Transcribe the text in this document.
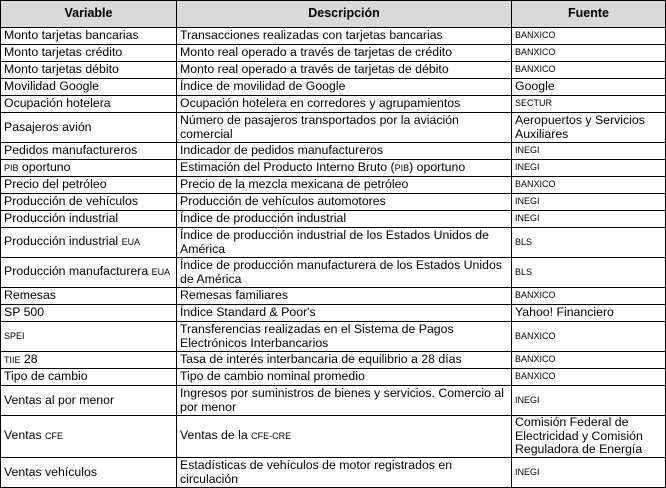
Variable	Descripción	Fuente
Monto tarjetas bancarias	Transacciones realizadas con tarjetas bancarias	BANXICO
Monto tarjetas crédito	Monto real operado a través de tarjetas de crédito	BANXICO
Monto tarjetas débito	Monto real operado a través de tarjetas de débito	BANXICO
Movilidad Google	Índice de movilidad de Google	Google
Ocupación hotelera	Ocupación hotelera en corredores y agrupamientos	SECTUR
Pasajeros avión	Número de pasajeros transportados por la aviación comercial	Aeropuertos y Servicios Auxiliares
Pedidos manufactureros	Indicador de pedidos manufactureros	INEGI
PIB oportuno	Estimación del Producto Interno Bruto (PIB) oportuno	INEGI
Precio del petróleo	Precio de la mezcla mexicana de petróleo	BANXICO
Producción de vehículos	Producción de vehículos automotores	INEGI
Producción industrial	Índice de producción industrial	INEGI
Producción industrial EUA	Índice de producción industrial de los Estados Unidos de América	BLS
Producción manufacturera EUA	Índice de producción manufacturera de los Estados Unidos de América	BLS
Remesas	Remesas familiares	BANXICO
SP 500	Índice Standard & Poor's	Yahoo! Financiero
SPEI	Transferencias realizadas en el Sistema de Pagos Electrónicos Interbancarios	BANXICO
TIIE 28	Tasa de interés interbancaria de equilibrio a 28 días	BANXICO
Tipo de cambio	Tipo de cambio nominal promedio	BANXICO
Ventas al por menor	Ingresos por suministros de bienes y servicios. Comercio al por menor	INEGI
Ventas CFE	Ventas de la CFE-CRE	Comisión Federal de Electricidad y Comisión Reguladora de Energía
Ventas vehículos	Estadísticas de vehículos de motor registrados en circulación	INEGI
